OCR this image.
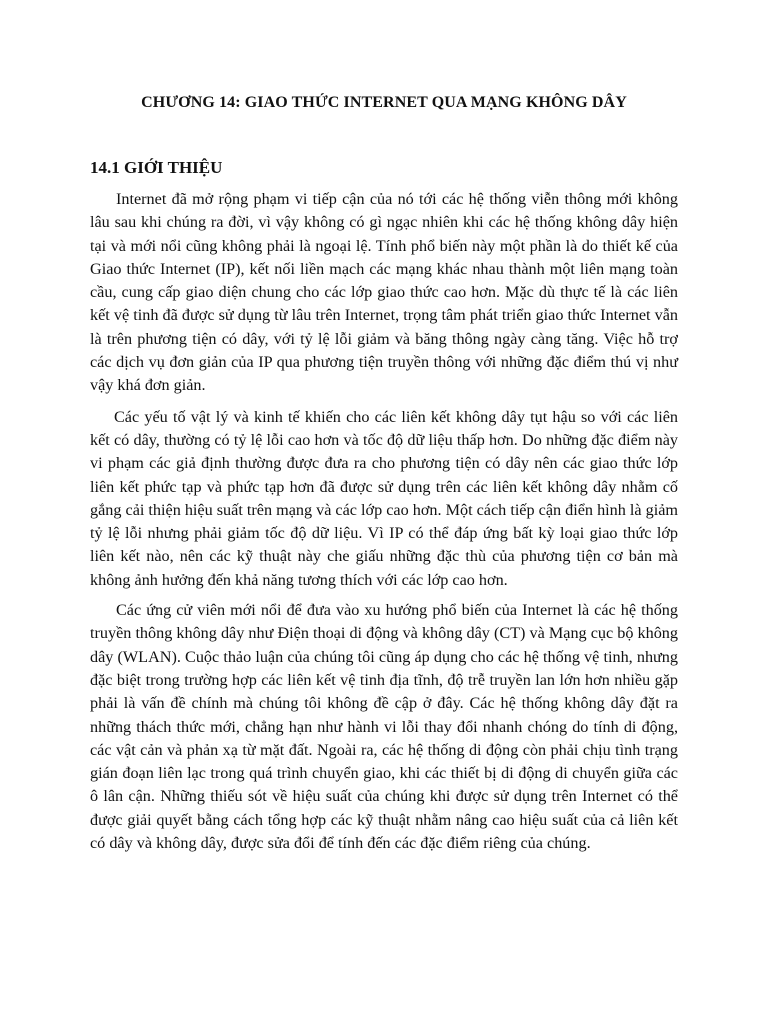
CHƯƠNG 14: GIAO THỨC INTERNET QUA MẠNG KHÔNG DÂY
14.1 GIỚI THIỆU

Internet đã mở rộng phạm vi tiếp cận của nó tới các hệ thống viễn thông mới không lâu sau khi chúng ra đời, vì vậy không có gì ngạc nhiên khi các hệ thống không dây hiện tại và mới nổi cũng không phải là ngoại lệ. Tính phổ biến này một phần là do thiết kế của Giao thức Internet (IP), kết nối liền mạch các mạng khác nhau thành một liên mạng toàn cầu, cung cấp giao diện chung cho các lớp giao thức cao hơn. Mặc dù thực tế là các liên kết vệ tinh đã được sử dụng từ lâu trên Internet, trọng tâm phát triển giao thức Internet vẫn là trên phương tiện có dây, với tỷ lệ lỗi giảm và băng thông ngày càng tăng. Việc hỗ trợ các dịch vụ đơn giản của IP qua phương tiện truyền thông với những đặc điểm thú vị như vậy khá đơn giản.

Các yếu tố vật lý và kinh tế khiến cho các liên kết không dây tụt hậu so với các liên kết có dây, thường có tỷ lệ lỗi cao hơn và tốc độ dữ liệu thấp hơn. Do những đặc điểm này vi phạm các giả định thường được đưa ra cho phương tiện có dây nên các giao thức lớp liên kết phức tạp và phức tạp hơn đã được sử dụng trên các liên kết không dây nhằm cố gắng cải thiện hiệu suất trên mạng và các lớp cao hơn. Một cách tiếp cận điển hình là giảm tỷ lệ lỗi nhưng phải giảm tốc độ dữ liệu. Vì IP có thể đáp ứng bất kỳ loại giao thức lớp liên kết nào, nên các kỹ thuật này che giấu những đặc thù của phương tiện cơ bản mà không ảnh hưởng đến khả năng tương thích với các lớp cao hơn.

Các ứng cử viên mới nổi để đưa vào xu hướng phổ biến của Internet là các hệ thống truyền thông không dây như Điện thoại di động và không dây (CT) và Mạng cục bộ không dây (WLAN). Cuộc thảo luận của chúng tôi cũng áp dụng cho các hệ thống vệ tinh, nhưng đặc biệt trong trường hợp các liên kết vệ tinh địa tĩnh, độ trễ truyền lan lớn hơn nhiều gặp phải là vấn đề chính mà chúng tôi không đề cập ở đây. Các hệ thống không dây đặt ra những thách thức mới, chẳng hạn như hành vi lỗi thay đổi nhanh chóng do tính di động, các vật cản và phản xạ từ mặt đất. Ngoài ra, các hệ thống di động còn phải chịu tình trạng gián đoạn liên lạc trong quá trình chuyển giao, khi các thiết bị di động di chuyển giữa các ô lân cận. Những thiếu sót về hiệu suất của chúng khi được sử dụng trên Internet có thể được giải quyết bằng cách tổng hợp các kỹ thuật nhằm nâng cao hiệu suất của cả liên kết có dây và không dây, được sửa đổi để tính đến các đặc điểm riêng của chúng.
